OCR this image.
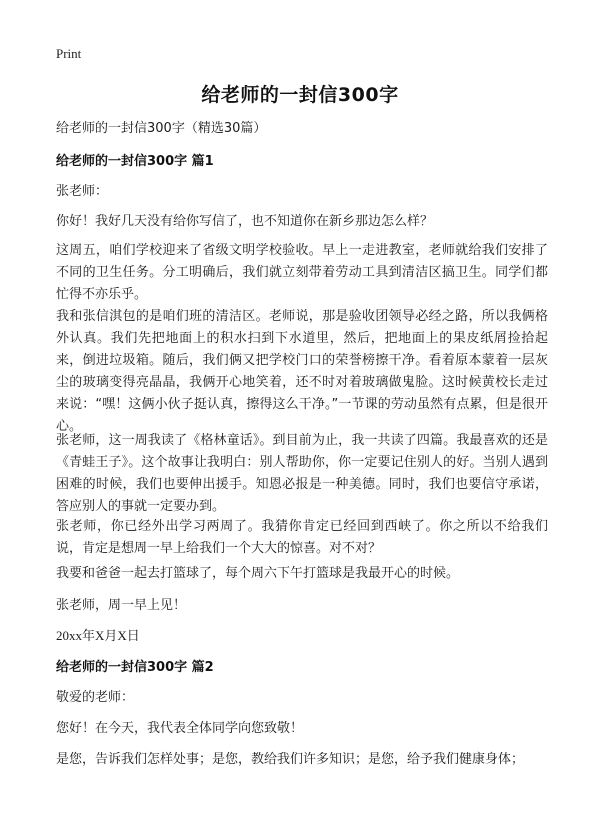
Print
给老师的一封信300字
给老师的一封信300字（精选30篇）
给老师的一封信300字 篇1
张老师：
你好！我好几天没有给你写信了，也不知道你在新乡那边怎么样？
这周五，咱们学校迎来了省级文明学校验收。早上一走进教室，老师就给我们安排了不同的卫生任务。分工明确后，我们就立刻带着劳动工具到清洁区搞卫生。同学们都忙得不亦乐乎。
我和张信淇包的是咱们班的清洁区。老师说，那是验收团领导必经之路，所以我俩格外认真。我们先把地面上的积水扫到下水道里，然后，把地面上的果皮纸屑捡拾起来，倒进垃圾箱。随后，我们俩又把学校门口的荣誉榜擦干净。看着原本蒙着一层灰尘的玻璃变得亮晶晶，我俩开心地笑着，还不时对着玻璃做鬼脸。这时候黄校长走过来说：“嘿！这俩小伙子挺认真，擦得这么干净。”一节课的劳动虽然有点累，但是很开心。
张老师，这一周我读了《格林童话》。到目前为止，我一共读了四篇。我最喜欢的还是《青蛙王子》。这个故事让我明白：别人帮助你，你一定要记住别人的好。当别人遇到困难的时候，我们也要伸出援手。知恩必报是一种美德。同时，我们也要信守承诺，答应别人的事就一定要办到。
张老师，你已经外出学习两周了。我猜你肯定已经回到西峡了。你之所以不给我们说，肯定是想周一早上给我们一个大大的惊喜。对不对？
我要和爸爸一起去打篮球了，每个周六下午打篮球是我最开心的时候。
张老师，周一早上见！
20xx年X月X日
给老师的一封信300字 篇2
敬爱的老师：
您好！在今天，我代表全体同学向您致敬！
是您，告诉我们怎样处事；是您，教给我们许多知识；是您，给予我们健康身体；
